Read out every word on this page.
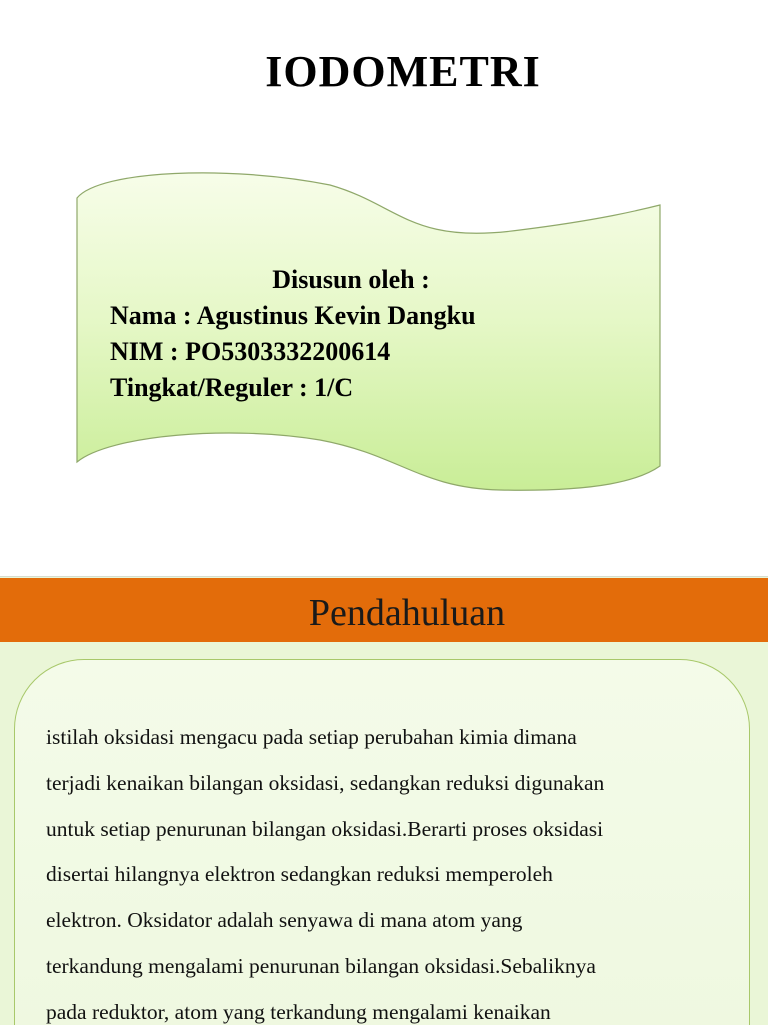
IODOMETRI
Disusun oleh :
Nama : Agustinus Kevin Dangku
NIM : PO5303332200614
Tingkat/Reguler : 1/C
Pendahuluan
istilah oksidasi mengacu pada setiap perubahan kimia dimana
terjadi kenaikan bilangan oksidasi, sedangkan reduksi digunakan
untuk setiap penurunan bilangan oksidasi.Berarti proses oksidasi
disertai hilangnya elektron sedangkan reduksi memperoleh
elektron. Oksidator adalah senyawa di mana atom yang
terkandung mengalami penurunan bilangan oksidasi.Sebaliknya
pada reduktor, atom yang terkandung mengalami kenaikan
